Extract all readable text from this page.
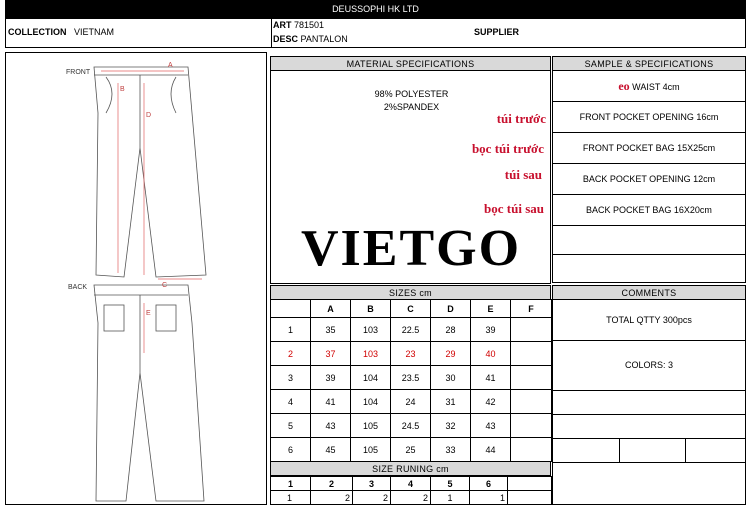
DEUSSOPHI HK LTD
COLLECTION VIETNAM
ART 781501
DESC PANTALON
SUPPLIER
A
B
D
C
E
FRONT
BACK
MATERIAL SPECIFICATIONS
98% POLYESTER
2%SPANDEX
túi trước
bọc túi trước
túi sau
bọc túi sau
VIETGO
SAMPLE & SPECIFICATIONS
eo WAIST 4cm
FRONT POCKET OPENING 16cm
FRONT POCKET BAG 15X25cm
BACK POCKET OPENING 12cm
BACK POCKET BAG 16X20cm

SIZES cm
	A	B	C	D	E	F
1	35	103	22.5	28	39	
2	37	103	23	29	40	
3	39	104	23.5	30	41	
4	41	104	24	31	42	
5	43	105	24.5	32	43	
6	45	105	25	33	44	
COMMENTS
TOTAL QTTY 300pcs
COLORS: 3
SIZE RUNING cm
1	2	3	4	5	6	
1	2	2	2	1	1	
